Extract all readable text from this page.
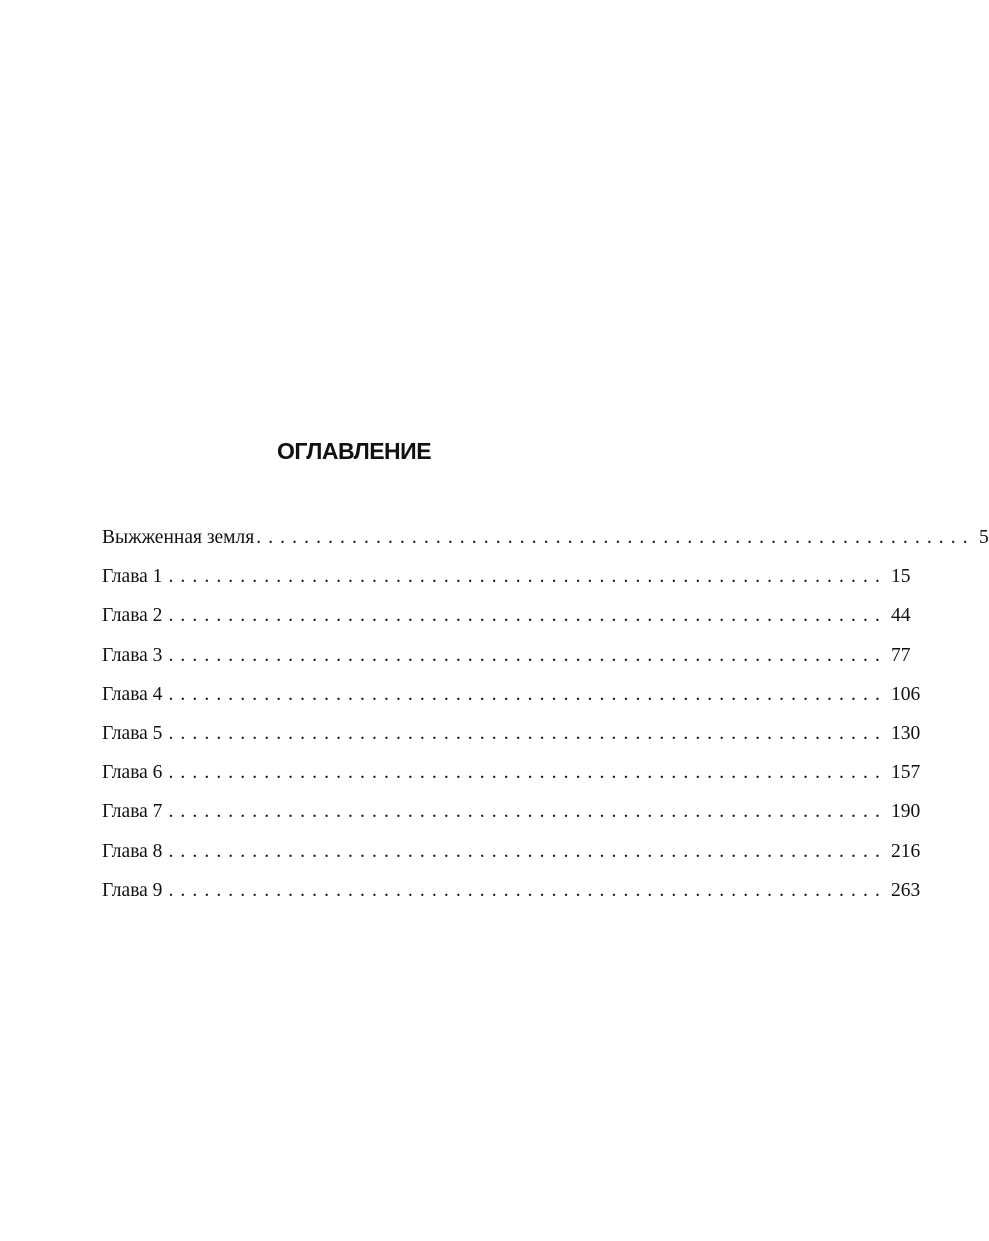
ОГЛАВЛЕНИЕ
Выжженная земля ............................................................ 5
Глава 1 ............................................................ 15
Глава 2 ............................................................ 44
Глава 3 ............................................................ 77
Глава 4 ............................................................ 106
Глава 5 ............................................................ 130
Глава 6 ............................................................ 157
Глава 7 ............................................................ 190
Глава 8 ............................................................ 216
Глава 9 ............................................................ 263
